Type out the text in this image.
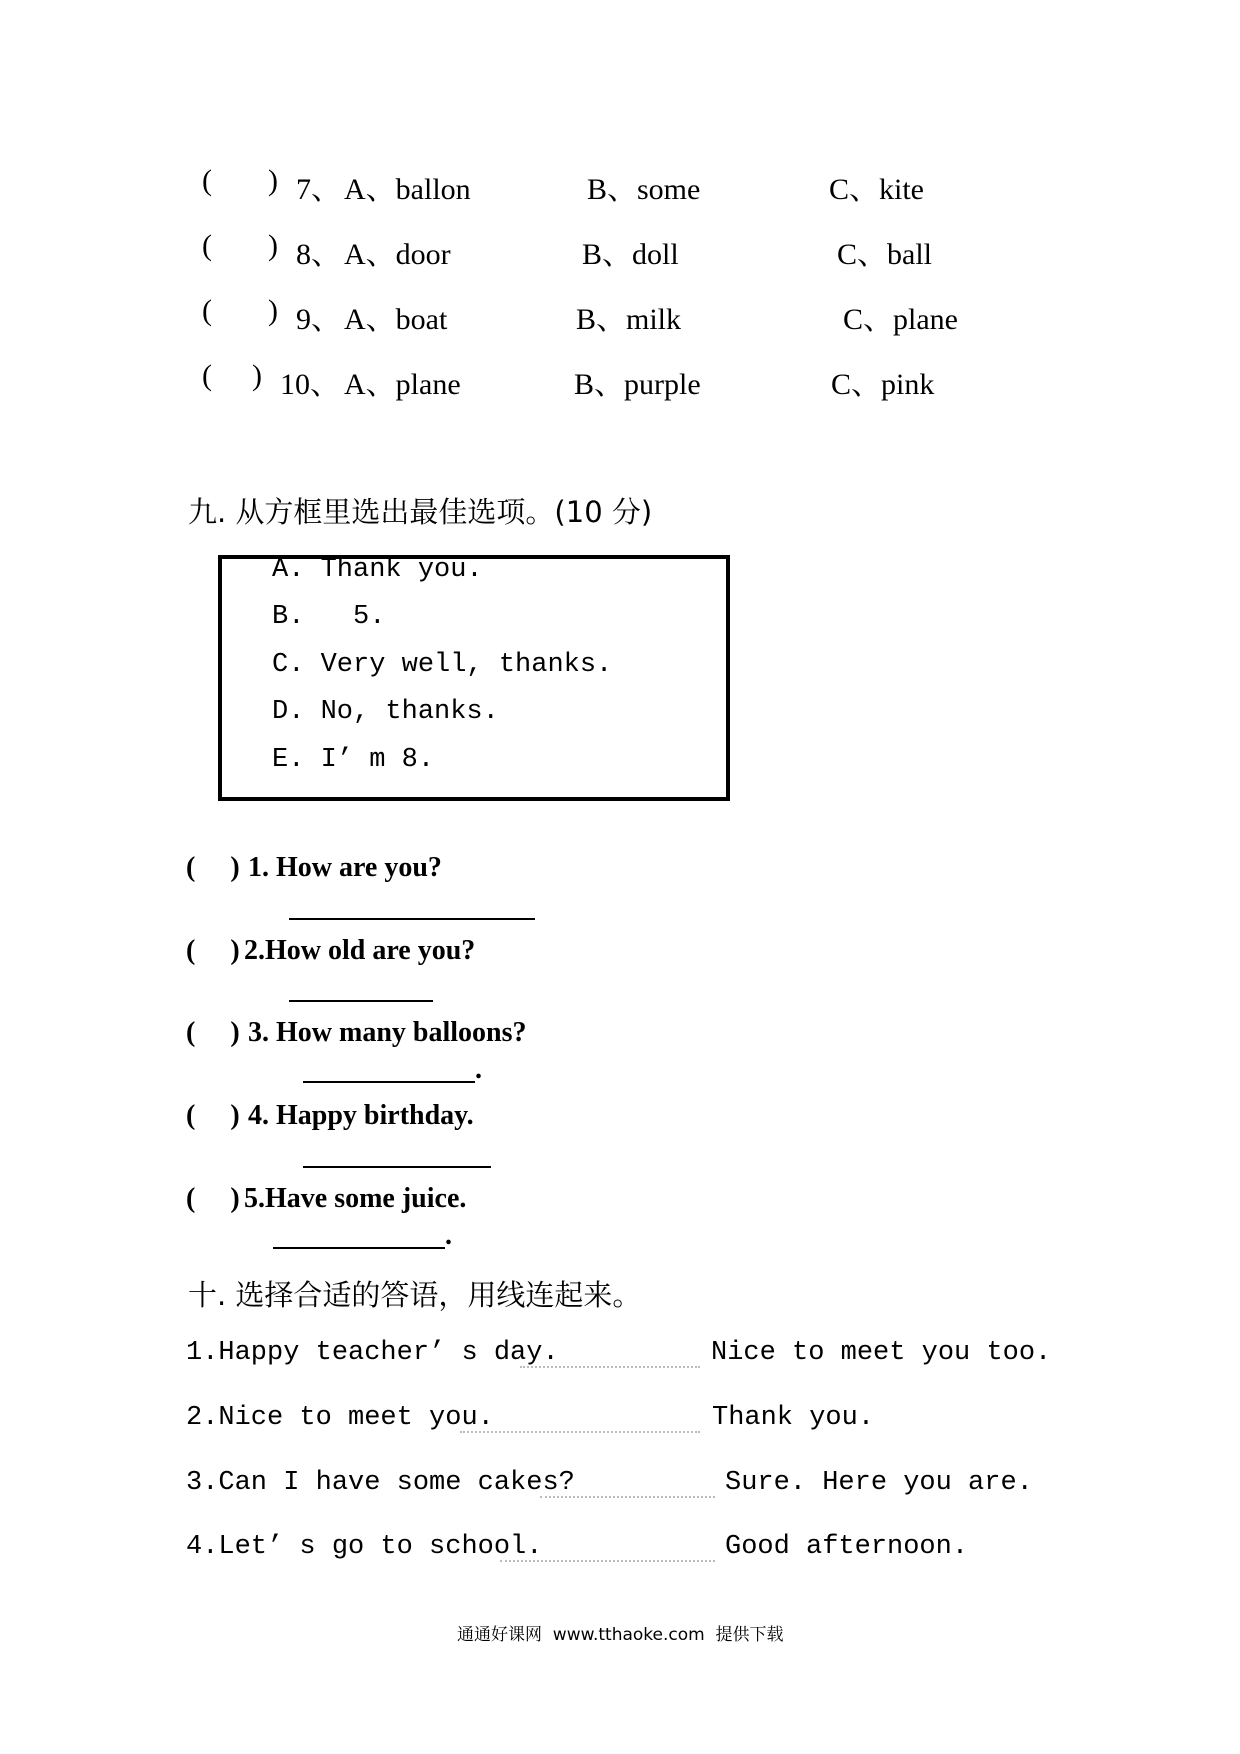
( ) 7、 A、ballon	B、some	C、kite
( ) 8、 A、door	B、doll	C、ball
( ) 9、 A、boat	B、milk	C、plane
( ) 10、 A、plane	B、purple	C、pink
九. 从方框里选出最佳选项。(10 分)
A. Thank you.
B.   5.
C. Very well, thanks.
D. No, thanks.
E. I’ m 8.
(     ) 1. How are you?
(     ) 2.How old are you?
(     ) 3. How many balloons?
.
(     ) 4. Happy birthday.
(     ) 5.Have some juice.
.
十. 选择合适的答语，用线连起来。
1.Happy teacher’ s day.	Nice to meet you too.
2.Nice to meet you.	Thank you.
3.Can I have some cakes?	Sure. Here you are.
4.Let’ s go to school.	Good afternoon.
通通好课网  www.tthaoke.com  提供下载
